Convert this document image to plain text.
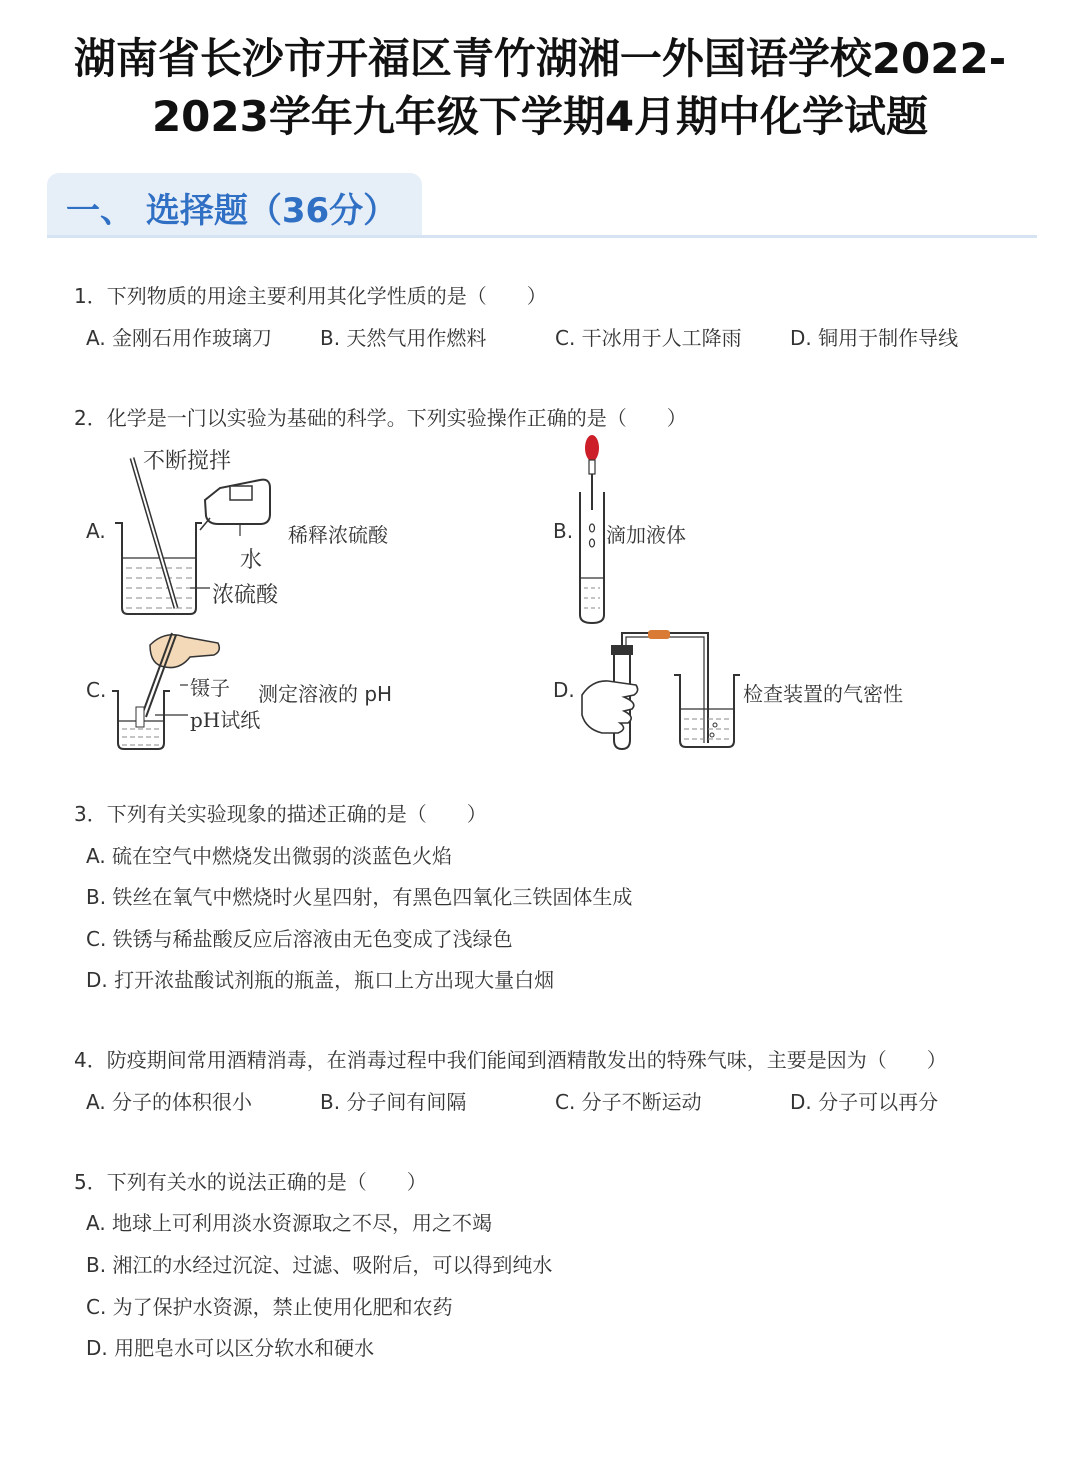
湖南省长沙市开福区青竹湖湘一外国语学校2022-
2023学年九年级下学期4月期中化学试题
一、 选择题（36分）
1．下列物质的用途主要利用其化学性质的是（　　）
A. 金刚石用作玻璃刀 B. 天然气用作燃料	C. 干冰用于人工降雨 D. 铜用于制作导线
2．化学是一门以实验为基础的科学。下列实验操作正确的是（　　）
A.
不断搅拌
水
浓硫酸
稀释浓硫酸	B. 滴加液体
C.	镊子
pH试纸
测定溶液的 pH	D.	检查装置的气密性
3．下列有关实验现象的描述正确的是（　　）
A. 硫在空气中燃烧发出微弱的淡蓝色火焰
B. 铁丝在氧气中燃烧时火星四射，有黑色四氧化三铁固体生成
C. 铁锈与稀盐酸反应后溶液由无色变成了浅绿色
D. 打开浓盐酸试剂瓶的瓶盖，瓶口上方出现大量白烟
4．防疫期间常用酒精消毒，在消毒过程中我们能闻到酒精散发出的特殊气味，主要是因为（　　）
A. 分子的体积很小	B. 分子间有间隔	C. 分子不断运动	D. 分子可以再分
5．下列有关水的说法正确的是（　　）
A. 地球上可利用淡水资源取之不尽，用之不竭
B. 湘江的水经过沉淀、过滤、吸附后，可以得到纯水
C. 为了保护水资源，禁止使用化肥和农药
D. 用肥皂水可以区分软水和硬水
